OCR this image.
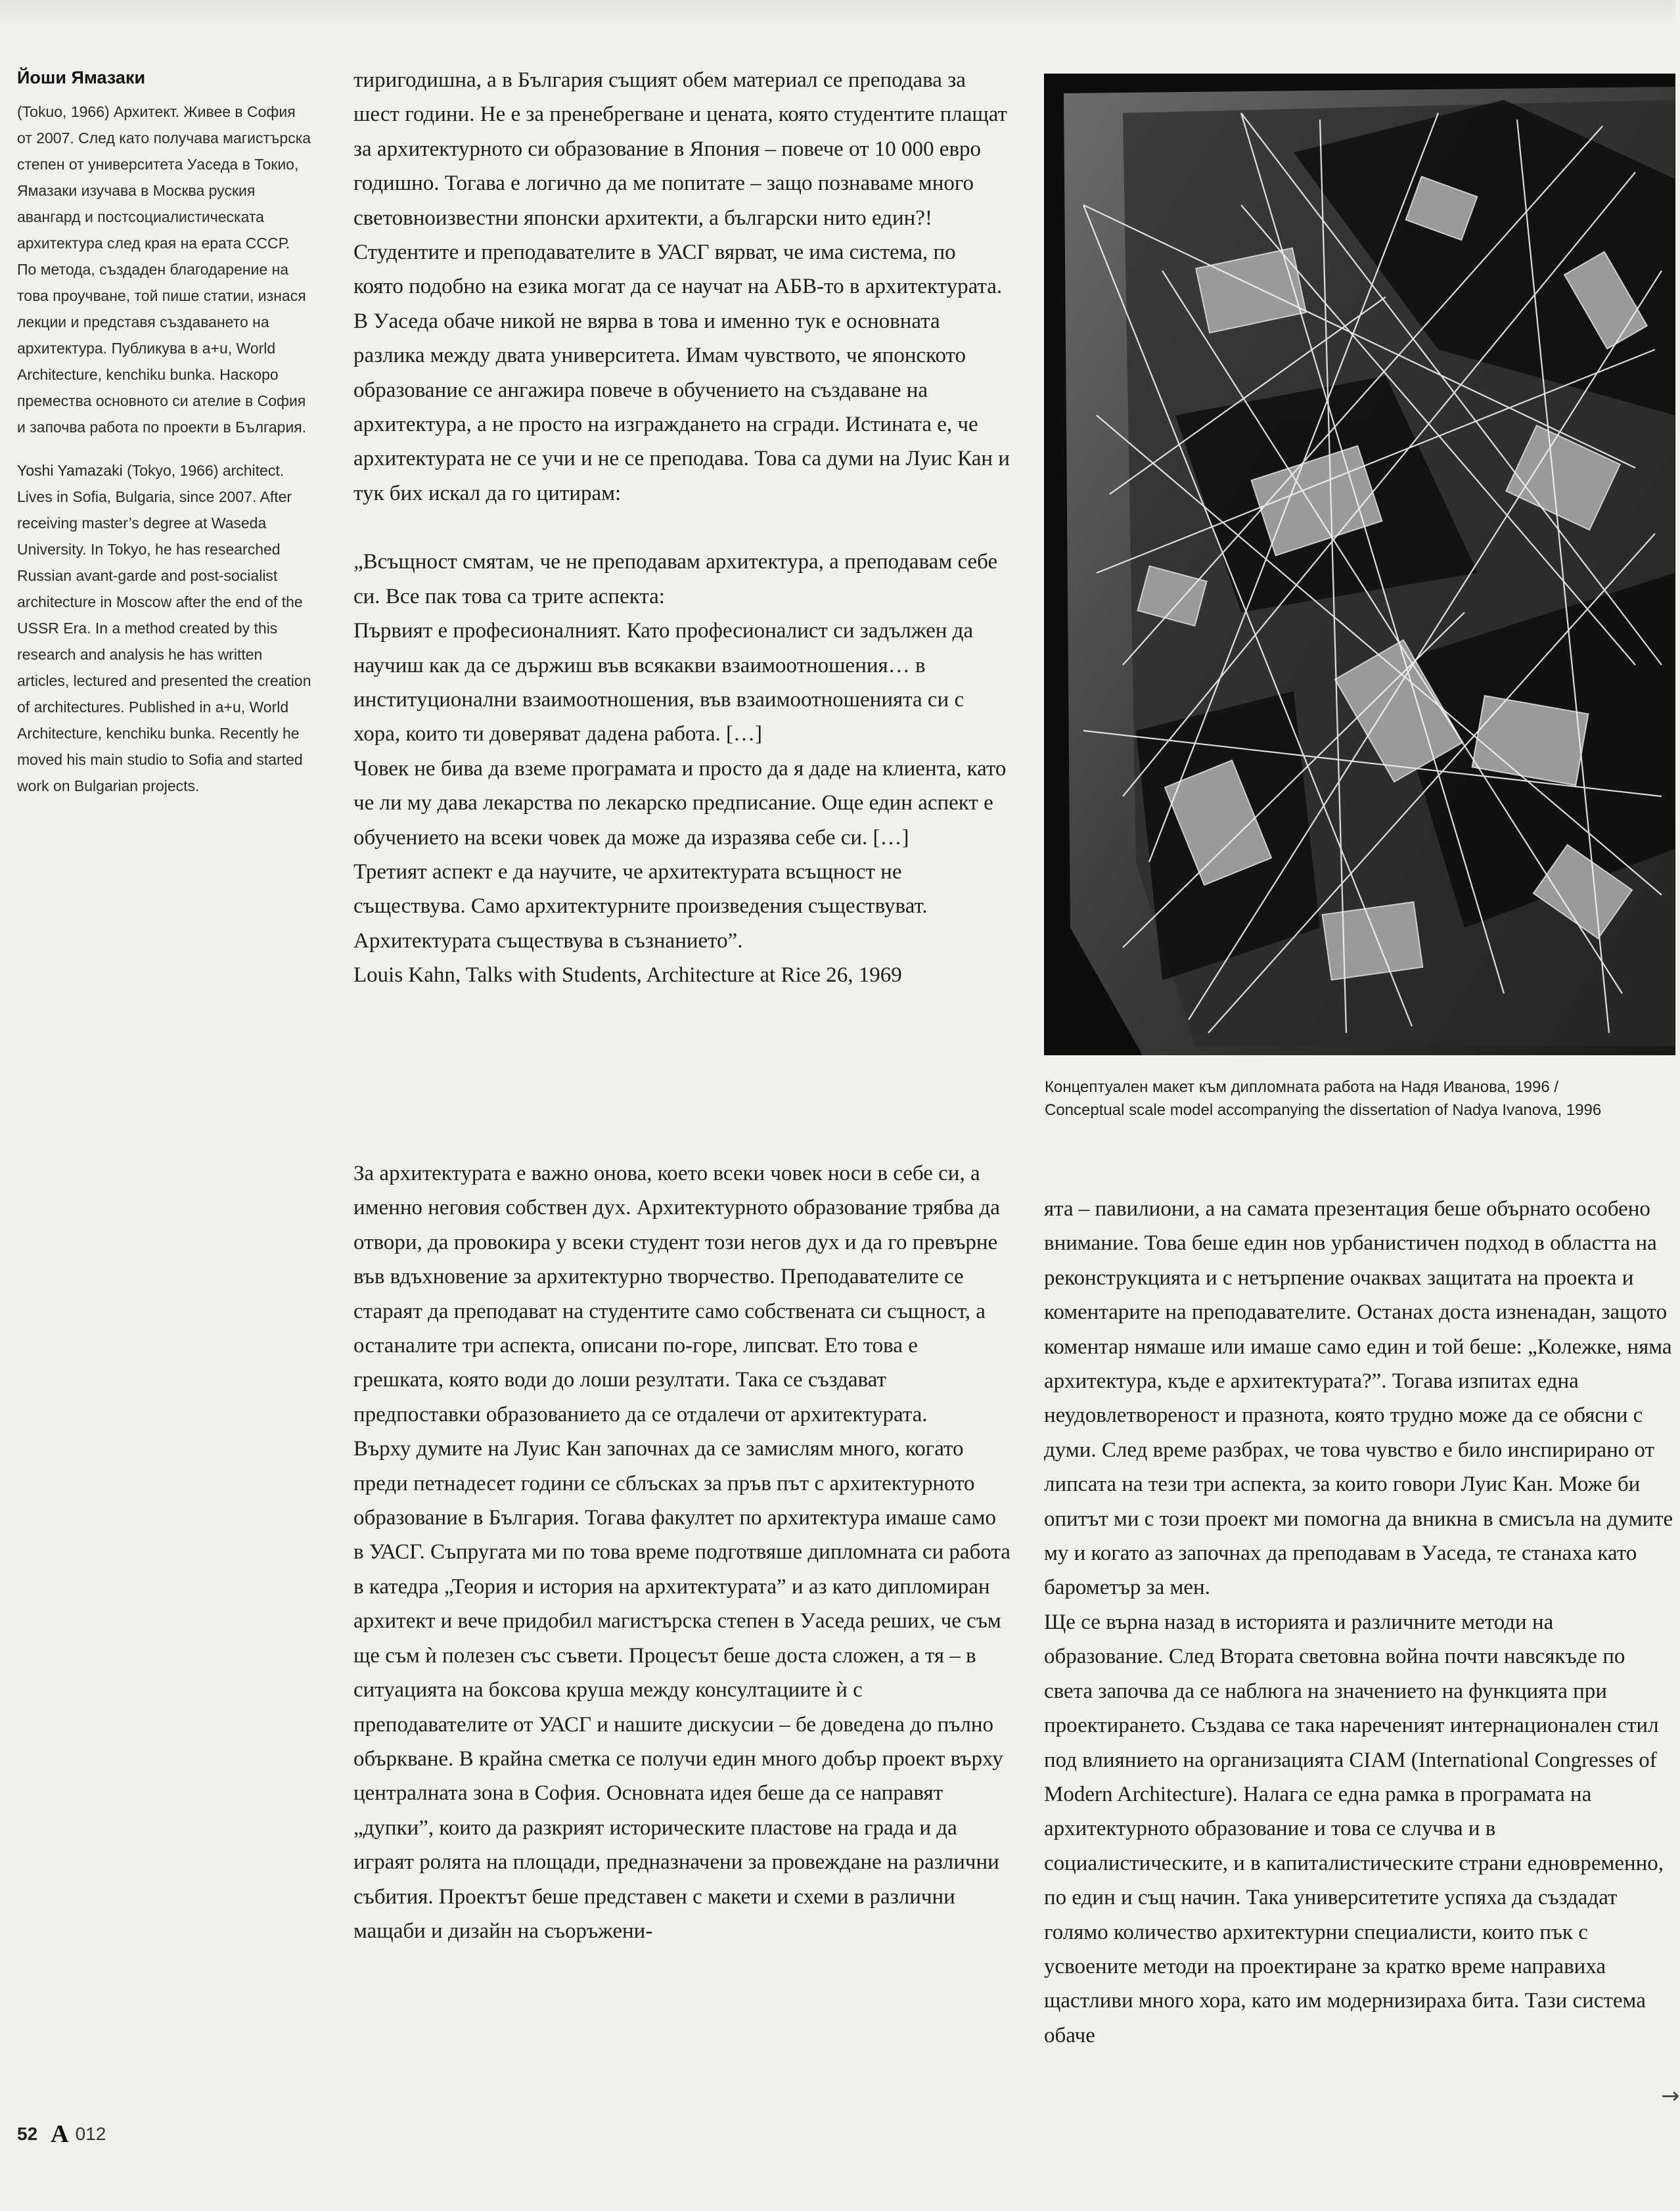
Йоши Ямазаки

(Tokuo, 1966) Архитект. Живее в София от 2007. След като получава магистърска степен от университета Уаседа в Токио, Ямазаки изучава в Москва руския авангард и постсоциалистическата архитектура след края на ерата СССР. По метода, създаден благодарение на това проучване, той пише статии, изнася лекции и представя създаването на архитектура. Публикува в a+u, World Architecture, kenchiku bunka. Наскоро премества основното си ателие в София и започва работа по проекти в България.

Yoshi Yamazaki (Tokyo, 1966) architect. Lives in Sofia, Bulgaria, since 2007. After receiving master’s degree at Waseda University. In Tokyo, he has researched Russian avant-garde and post-socialist architecture in Moscow after the end of the USSR Era. In a method created by this research and analysis he has written articles, lectured and presented the creation of architectures. Published in a+u, World Architecture, kenchiku bunka. Recently he moved his main studio to Sofia and started work on Bulgarian projects.

тиригодишна, а в България същият обем материал се преподава за шест години. Не е за пренебрегване и цената, която студентите плащат за архитектурното си образование в Япония – повече от 10 000 евро годишно. Тогава е логично да ме попитате – защо познаваме много световноизвестни японски архитекти, а български нито един?!

Студентите и преподавателите в УАСГ вярват, че има система, по която подобно на езика могат да се научат на АБВ-то в архитектурата. В Уaседа обаче никой не вярва в това и именно тук е основната разлика между двата университета. Имам чувството, че японското образование се ангажира повече в обучението на създаване на архитектура, а не просто на изграждането на сгради. Истината е, че архитектурата не се учи и не се преподава. Това са думи на Луис Кан и тук бих искал да го цитирам:

„Всъщност смятам, че не преподавам архитектура, а преподавам себе си. Все пак това са трите аспекта:

Първият е професионалният. Като професионалист си задължен да научиш как да се държиш във всякакви взаимоотношения… в институционални взаимоотношения, във взаимоотношенията си с хора, които ти доверяват дадена работа. […]

Човек не бива да вземе програмата и просто да я даде на клиента, като че ли му дава лекарства по лекарско предписание. Още един аспект е обучението на всеки човек да може да изразява себе си. […]

Третият аспект е да научите, че архитектурата всъщност не съществува. Само архитектурните произведения съществуват. Архитектурата съществува в съзнанието”.

Louis Kahn, Talks with Students, Architecture at Rice 26, 1969

За архитектурата е важно онова, което всеки човек носи в себе си, а именно неговия собствен дух. Архитектурното образование трябва да отвори, да провокира у всеки студент този негов дух и да го превърне във вдъхновение за архитектурно творчество. Преподавателите се стараят да преподават на студентите само собствената си същност, а останалите три аспекта, описани по-горе, липсват. Ето това е грешката, която води до лоши резултати. Така се създават предпоставки образованието да се отдалечи от архитектурата.

Върху думите на Луис Кан започнах да се замислям много, когато преди петнадесет години се сблъсках за пръв път с архитектурното образование в България. Тогава факултет по архитектура имаше само в УАСГ. Съпругата ми по това време подготвяше дипломната си работа в катедра „Теория и история на архитектурата” и аз като дипломиран архитект и вече придобил магистърска степен в Уaседа реших, че съм ще съм ѝ полезен със съвети. Процесът беше доста сложен, а тя – в ситуацията на боксова круша между консултациите ѝ с преподавателите от УАСГ и нашите дискусии – бе доведена до пълно объркване. В крайна сметка се получи един много добър проект върху централната зона в София. Основната идея беше да се направят „дупки”, които да разкрият историческите пластове на града и да играят ролята на площади, предназначени за провеждане на различни събития. Проектът беше представен с макети и схеми в различни мащаби и дизайн на съоръжени-

Концептуален макет към дипломната работа на Надя Иванова, 1996 /

Conceptual scale model accompanying the dissertation of Nadya Ivanova, 1996

ята – павилиони, а на самата презентация беше обърнато особено внимание. Това беше един нов урбанистичен подход в областта на реконструкцията и с нетърпение очаквах защитата на проекта и коментарите на преподавателите. Останах доста изненадан, защото коментар нямаше или имаше само един и той беше: „Колежке, няма архитектура, къде е архитектурата?”. Тогава изпитах една неудовлетвореност и празнота, която трудно може да се обясни с думи. След време разбрах, че това чувство е било инспирирано от липсата на тези три аспекта, за които говори Луис Кан. Може би опитът ми с този проект ми помогна да вникна в смисъла на думите му и когато аз започнах да преподавам в Уaседа, те станаха като барометър за мен.

Ще се върна назад в историята и различните методи на образование. След Втората световна война почти навсякъде по света започва да се наблюга на значението на функцията при проектирането. Създава се така нареченият интернационален стил под влиянието на организацията CIAM (International Congresses of Modern Architecture). Налага се една рамка в програмата на архитектурното образование и това се случва и в социалистическите, и в капиталистическите страни едновременно, по един и същ начин. Така университетите успяха да създадат голямо количество архитектурни специалисти, които пък с усвоените методи на проектиране за кратко време направиха щастливи много хора, като им модернизираха бита. Тази система обаче

→
52 A 012
